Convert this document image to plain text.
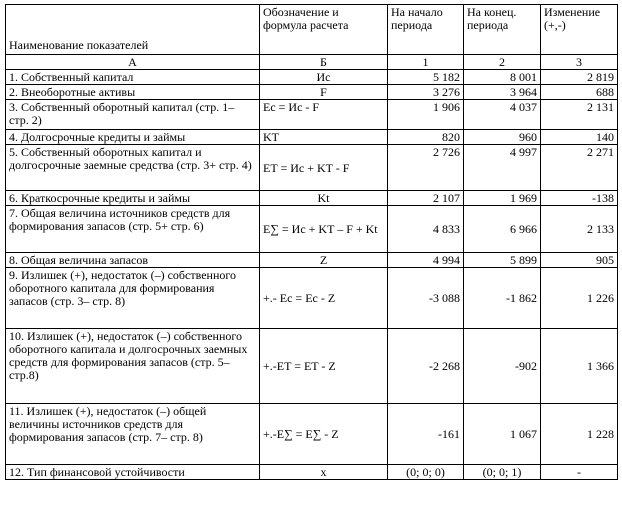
Наименование показателей	Обозначение и формула расчета	На начало периода	На конец. периода	Изменение (+,-)
А	Б	1	2	3
1. Собственный капитал	Ис	5 182	8 001	2 819
2. Внеоборотные активы	F	3 276	3 964	688
3. Собственный оборотный капитал (стр. 1– стр. 2)	Ec = Ис - F	1 906	4 037	2 131
4. Долгосрочные кредиты и займы	KT	820	960	140
5. Собственный оборотных капитал и долгосрочные заемные средства (стр. 3+ стр. 4)	ET = Ис + KT - F	2 726	4 997	2 271
6. Краткосрочные кредиты и займы	Kt	2 107	1 969	-138
7. Общая величина источников средств для формирования запасов (стр. 5+ стр. 6)	E∑ = Ис + KT – F + Kt	4 833	6 966	2 133
8. Общая величина запасов	Z	4 994	5 899	905
9. Излишек (+), недостаток (–) собственного оборотного капитала для формирования запасов (стр. 3– стр. 8)	+.- Ec = Ec - Z	-3 088	-1 862	1 226
10. Излишек (+), недостаток (–) собственного оборотного капитала и долгосрочных заемных средств для формирования запасов (стр. 5– стр.8)	+.-ET = ET - Z	-2 268	-902	1 366
11. Излишек (+), недостаток (–) общей величины источников средств для формирования запасов (стр. 7– стр. 8)	+.-E∑ = E∑ - Z	-161	1 067	1 228
12. Тип финансовой устойчивости	x	(0; 0; 0)	(0; 0; 1)	-
